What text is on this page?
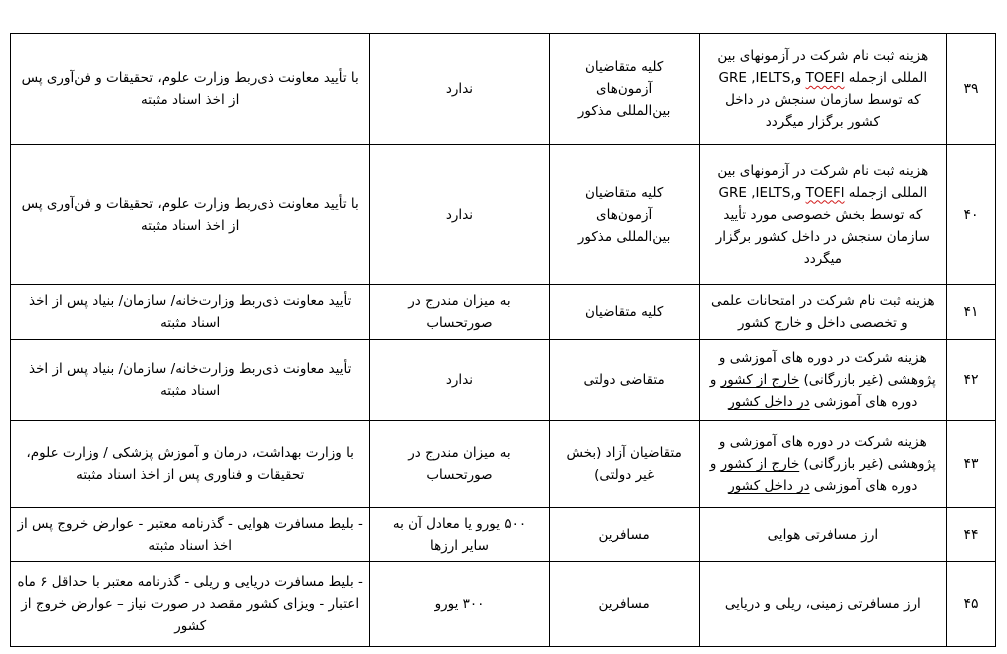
۳۹	هزینه ثبت نام شرکت در آزمونهای بین
المللی ازجمله TOEFl وGRE ,IELTS,
که توسط سازمان سنجش در داخل
کشور برگزار میگردد	کلیه متقاضیان آزمون‌های بین‌المللی مذکور	ندارد	با تأیید معاونت ذی‌ربط وزارت علوم، تحقیقات و فن‌آوری پس از اخذ اسناد مثبته
۴۰	هزینه ثبت نام شرکت در آزمونهای بین
المللی ازجمله TOEFl وGRE ,IELTS,
که توسط بخش خصوصی مورد تأیید
سازمان سنجش در داخل کشور برگزار
میگردد	کلیه متقاضیان آزمون‌های بین‌المللی مذکور	ندارد	با تأیید معاونت ذی‌ربط وزارت علوم، تحقیقات و فن‌آوری پس از اخذ اسناد مثبته
۴۱	هزینه ثبت نام شرکت در امتحانات علمی و تخصصی داخل و خارج کشور	کلیه متقاضیان	به میزان مندرج در صورتحساب	تأیید معاونت ذی‌ربط وزارت‌خانه/ سازمان/ بنیاد پس از اخذ اسناد مثبته
۴۲	هزینه شرکت در دوره های آموزشی و پژوهشی (غیر بازرگانی) خارج از کشور و دوره های آموزشی در داخل کشور	متقاضی دولتی	ندارد	تأیید معاونت ذی‌ربط وزارت‌خانه/ سازمان/ بنیاد پس از اخذ اسناد مثبته
۴۳	هزینه شرکت در دوره های آموزشی و پژوهشی (غیر بازرگانی) خارج از کشور و دوره های آموزشی در داخل کشور	متقاضیان آزاد (بخش غیر دولتی)	به میزان مندرج در صورتحساب	با وزارت بهداشت، درمان و آموزش پزشکی / وزارت علوم، تحقیقات و فناوری پس از اخذ اسناد مثبته
۴۴	ارز مسافرتی هوایی	مسافرین	۵۰۰ یورو یا معادل آن به سایر ارزها	- بلیط مسافرت هوایی - گذرنامه معتبر - عوارض خروج پس از اخذ اسناد مثبته
۴۵	ارز مسافرتی زمینی، ریلی و دریایی	مسافرین	۳۰۰ یورو	- بلیط مسافرت دریایی و ریلی - گذرنامه معتبر با حداقل ۶ ماه اعتبار - ویزای کشور مقصد در صورت نیاز – عوارض خروج از کشور
